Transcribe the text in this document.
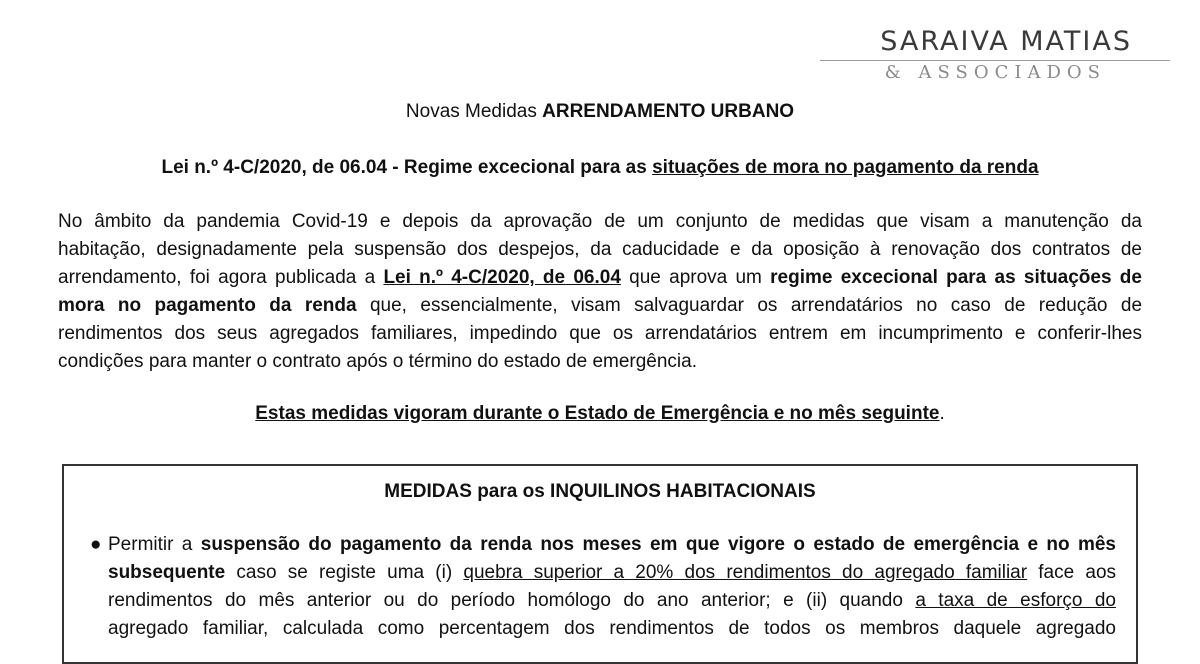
SARAIVA MATIAS
& ASSOCIADOS
Novas Medidas ARRENDAMENTO URBANO
Lei n.º 4-C/2020, de 06.04 - Regime excecional para as situações de mora no pagamento da renda
No âmbito da pandemia Covid-19 e depois da aprovação de um conjunto de medidas que visam a manutenção da
habitação, designadamente pela suspensão dos despejos, da caducidade e da oposição à renovação dos contratos de
arrendamento, foi agora publicada a Lei n.º 4-C/2020, de 06.04 que aprova um regime excecional para as situações de
mora no pagamento da renda que, essencialmente, visam salvaguardar os arrendatários no caso de redução de
rendimentos dos seus agregados familiares, impedindo que os arrendatários entrem em incumprimento e conferir-lhes
condições para manter o contrato após o término do estado de emergência.
Estas medidas vigoram durante o Estado de Emergência e no mês seguinte.
MEDIDAS para os INQUILINOS HABITACIONAIS
● Permitir a suspensão do pagamento da renda nos meses em que vigore o estado de emergência e no mês
subsequente caso se registe uma (i) quebra superior a 20% dos rendimentos do agregado familiar face aos
rendimentos do mês anterior ou do período homólogo do ano anterior; e (ii) quando a taxa de esforço do
agregado familiar, calculada como percentagem dos rendimentos de todos os membros daquele agregado
